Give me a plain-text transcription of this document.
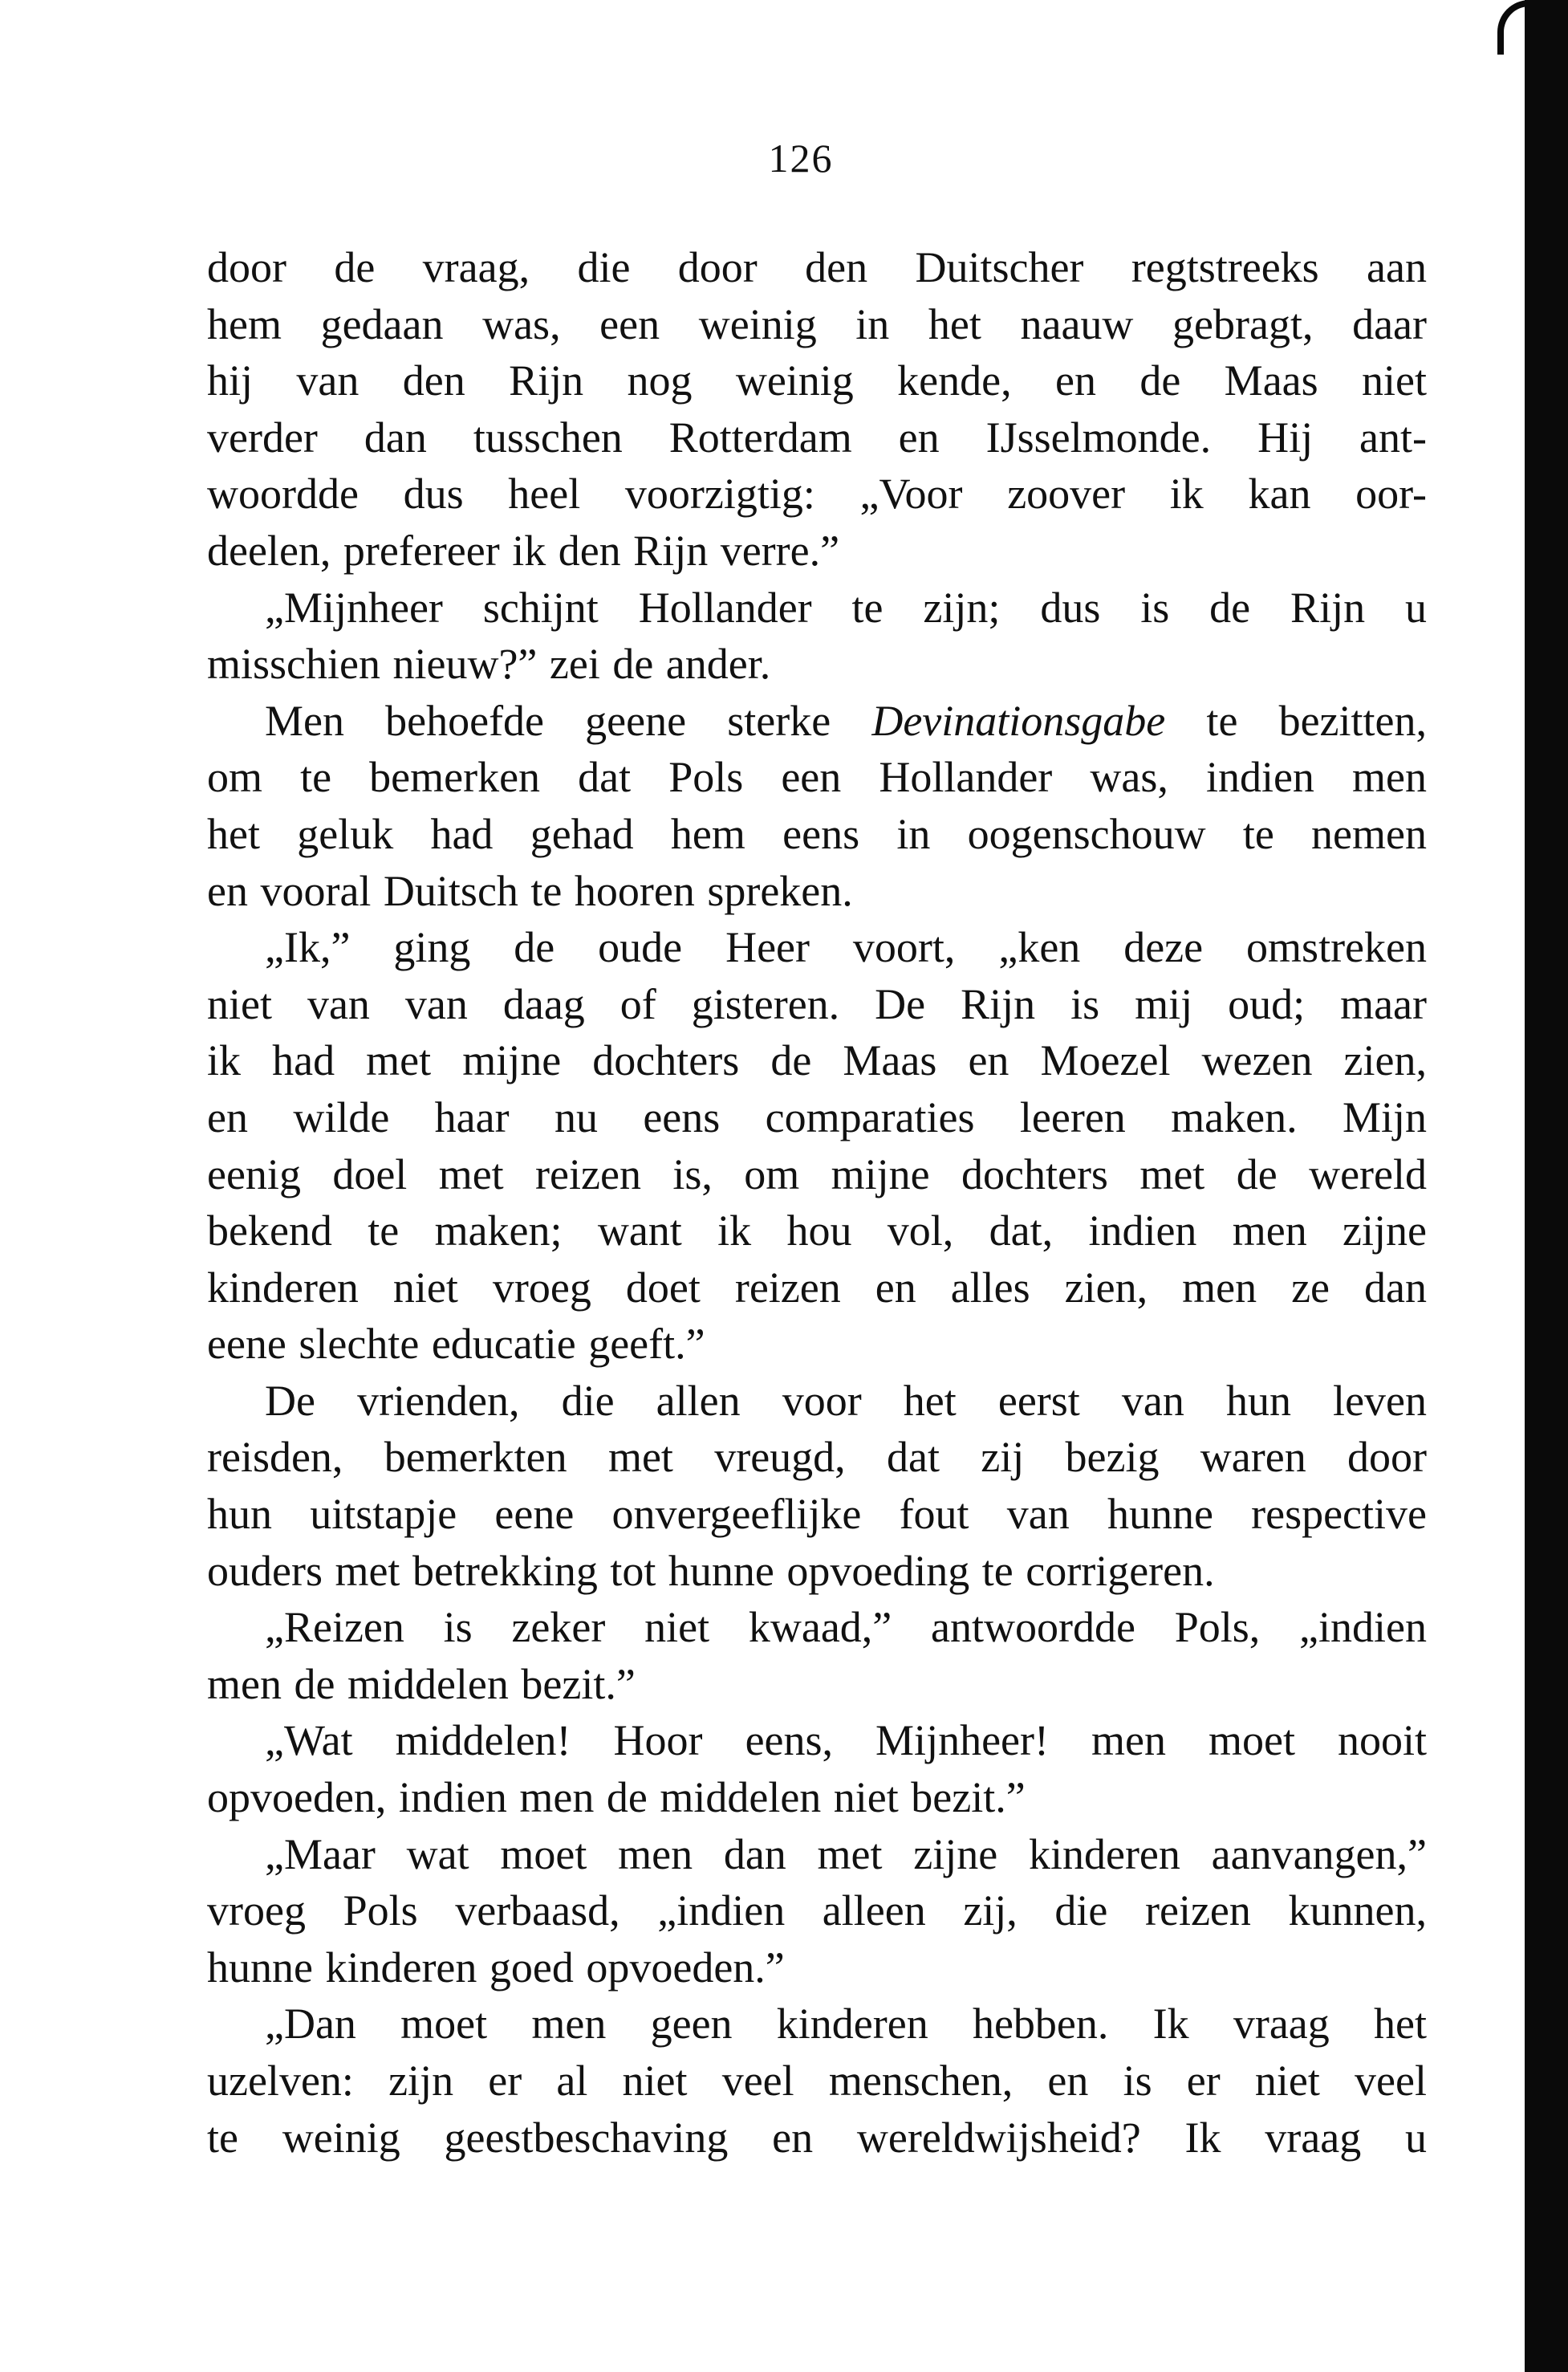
126
door de vraag, die door den Duitscher regtstreeks aan
hem gedaan was, een weinig in het naauw gebragt, daar
hij van den Rijn nog weinig kende, en de Maas niet
verder dan tusschen Rotterdam en IJsselmonde. Hij ant-
woordde dus heel voorzigtig: „Voor zoover ik kan oor-
deelen, prefereer ik den Rijn verre.”
„Mijnheer schijnt Hollander te zijn; dus is de Rijn u
misschien nieuw?” zei de ander.
Men behoefde geene sterke Devinationsgabe te bezitten,
om te bemerken dat Pols een Hollander was, indien men
het geluk had gehad hem eens in oogenschouw te nemen
en vooral Duitsch te hooren spreken.
„Ik,” ging de oude Heer voort, „ken deze omstreken
niet van van daag of gisteren. De Rijn is mij oud; maar
ik had met mijne dochters de Maas en Moezel wezen zien,
en wilde haar nu eens comparaties leeren maken. Mijn
eenig doel met reizen is, om mijne dochters met de wereld
bekend te maken; want ik hou vol, dat, indien men zijne
kinderen niet vroeg doet reizen en alles zien, men ze dan
eene slechte educatie geeft.”
De vrienden, die allen voor het eerst van hun leven
reisden, bemerkten met vreugd, dat zij bezig waren door
hun uitstapje eene onvergeeflijke fout van hunne respective
ouders met betrekking tot hunne opvoeding te corrigeren.
„Reizen is zeker niet kwaad,” antwoordde Pols, „indien
men de middelen bezit.”
„Wat middelen! Hoor eens, Mijnheer! men moet nooit
opvoeden, indien men de middelen niet bezit.”
„Maar wat moet men dan met zijne kinderen aanvangen,”
vroeg Pols verbaasd, „indien alleen zij, die reizen kunnen,
hunne kinderen goed opvoeden.”
„Dan moet men geen kinderen hebben. Ik vraag het
uzelven: zijn er al niet veel menschen, en is er niet veel
te weinig geestbeschaving en wereldwijsheid? Ik vraag u
